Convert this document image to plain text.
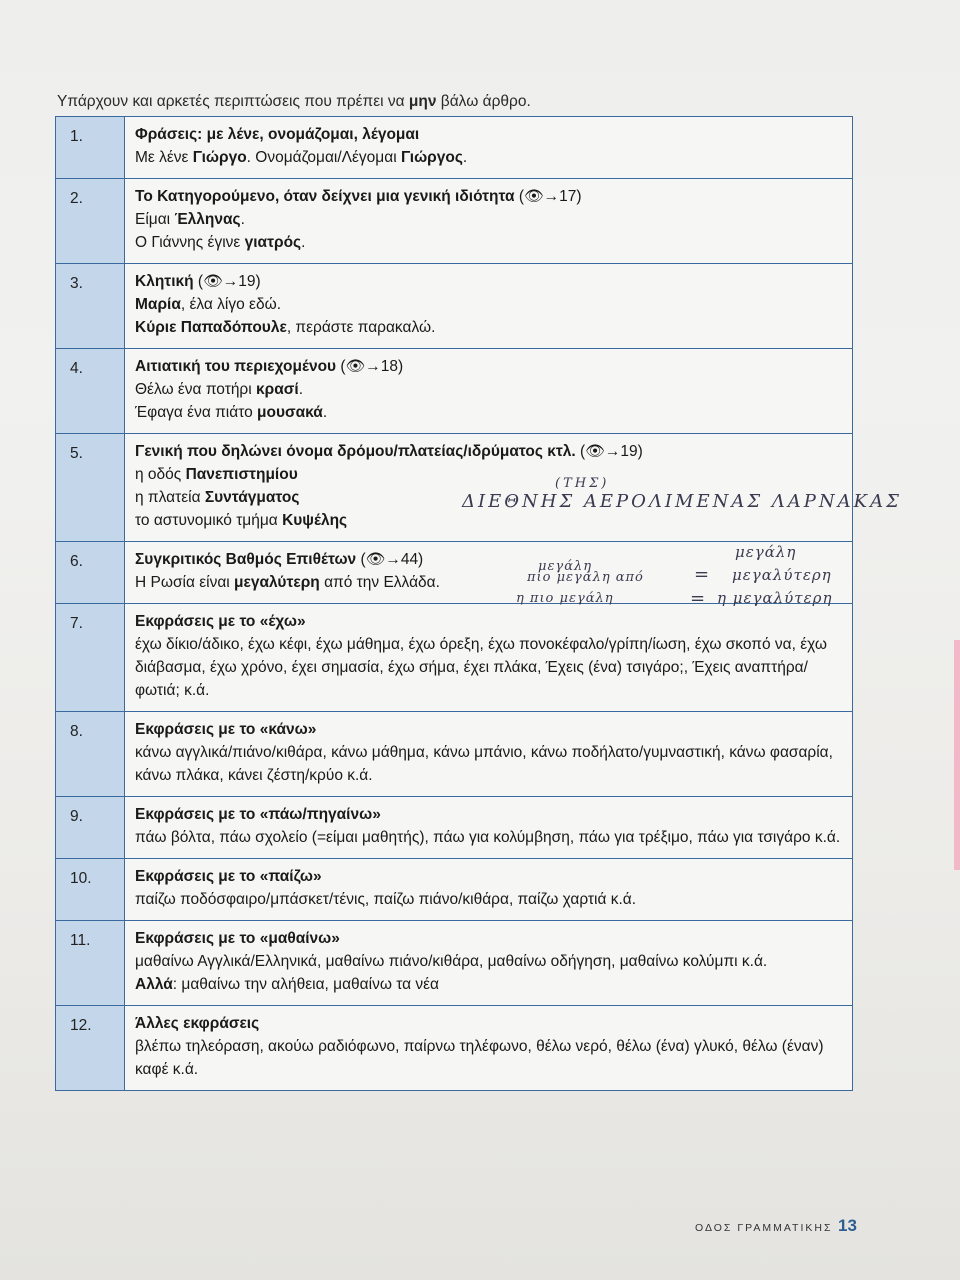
Υπάρχουν και αρκετές περιπτώσεις που πρέπει να μην βάλω άρθρο.
1.	Φράσεις: με λένε, ονομάζομαι, λέγομαι
Με λένε Γιώργο. Ονομάζομαι/Λέγομαι Γιώργος.

2.	Το Κατηγορούμενο, όταν δείχνει μια γενική ιδιότητα (👁→17)
Είμαι Έλληνας.
Ο Γιάννης έγινε γιατρός.

3.	Κλητική (👁→19)
Μαρία, έλα λίγο εδώ.
Κύριε Παπαδόπουλε, περάστε παρακαλώ.

4.	Αιτιατική του περιεχομένου (👁→18)
Θέλω ένα ποτήρι κρασί.
Έφαγα ένα πιάτο μουσακά.

5.	Γενική που δηλώνει όνομα δρόμου/πλατείας/ιδρύματος κτλ. (👁→19)
η οδός Πανεπιστημίου
η πλατεία Συντάγματος
το αστυνομικό τμήμα Κυψέλης

6.	Συγκριτικός Βαθμός Επιθέτων (👁→44)
Η Ρωσία είναι μεγαλύτερη από την Ελλάδα.

7.	Εκφράσεις με το «έχω»
έχω δίκιο/άδικο, έχω κέφι, έχω μάθημα, έχω όρεξη, έχω πονοκέφαλο/γρίπη/ίωση, έχω σκοπό να, έχω διάβασμα, έχω χρόνο, έχει σημασία, έχω σήμα, έχει πλάκα, Έχεις (ένα) τσιγάρο;, Έχεις αναπτήρα/φωτιά; κ.ά.

8.	Εκφράσεις με το «κάνω»
κάνω αγγλικά/πιάνο/κιθάρα, κάνω μάθημα, κάνω μπάνιο, κάνω ποδήλατο/γυμναστική, κάνω φασαρία, κάνω πλάκα, κάνει ζέστη/κρύο κ.ά.

9.	Εκφράσεις με το «πάω/πηγαίνω»
πάω βόλτα, πάω σχολείο (=είμαι μαθητής), πάω για κολύμβηση, πάω για τρέξιμο, πάω για τσιγάρο κ.ά.

10.	Εκφράσεις με το «παίζω»
παίζω ποδόσφαιρο/μπάσκετ/τένις, παίζω πιάνο/κιθάρα, παίζω χαρτιά κ.ά.

11.	Εκφράσεις με το «μαθαίνω»
μαθαίνω Αγγλικά/Ελληνικά, μαθαίνω πιάνο/κιθάρα, μαθαίνω οδήγηση, μαθαίνω κολύμπι κ.ά.
Αλλά: μαθαίνω την αλήθεια, μαθαίνω τα νέα

12.	Άλλες εκφράσεις
βλέπω τηλεόραση, ακούω ραδιόφωνο, παίρνω τηλέφωνο, θέλω νερό, θέλω (ένα) γλυκό, θέλω (έναν) καφέ κ.ά.
(ΤΗΣ)
ΔΙΕΘΝΗΣ ΑΕΡΟΛΙΜΕΝΑΣ ΛΑΡΝΑΚΑΣ
μεγάλη
πιο μεγάλη από
η πιο μεγάλη
=
=
μεγάλη
μεγαλύτερη
η μεγαλύτερη
ΟΔΟΣ ΓΡΑΜΜΑΤΙΚΗΣ 13
